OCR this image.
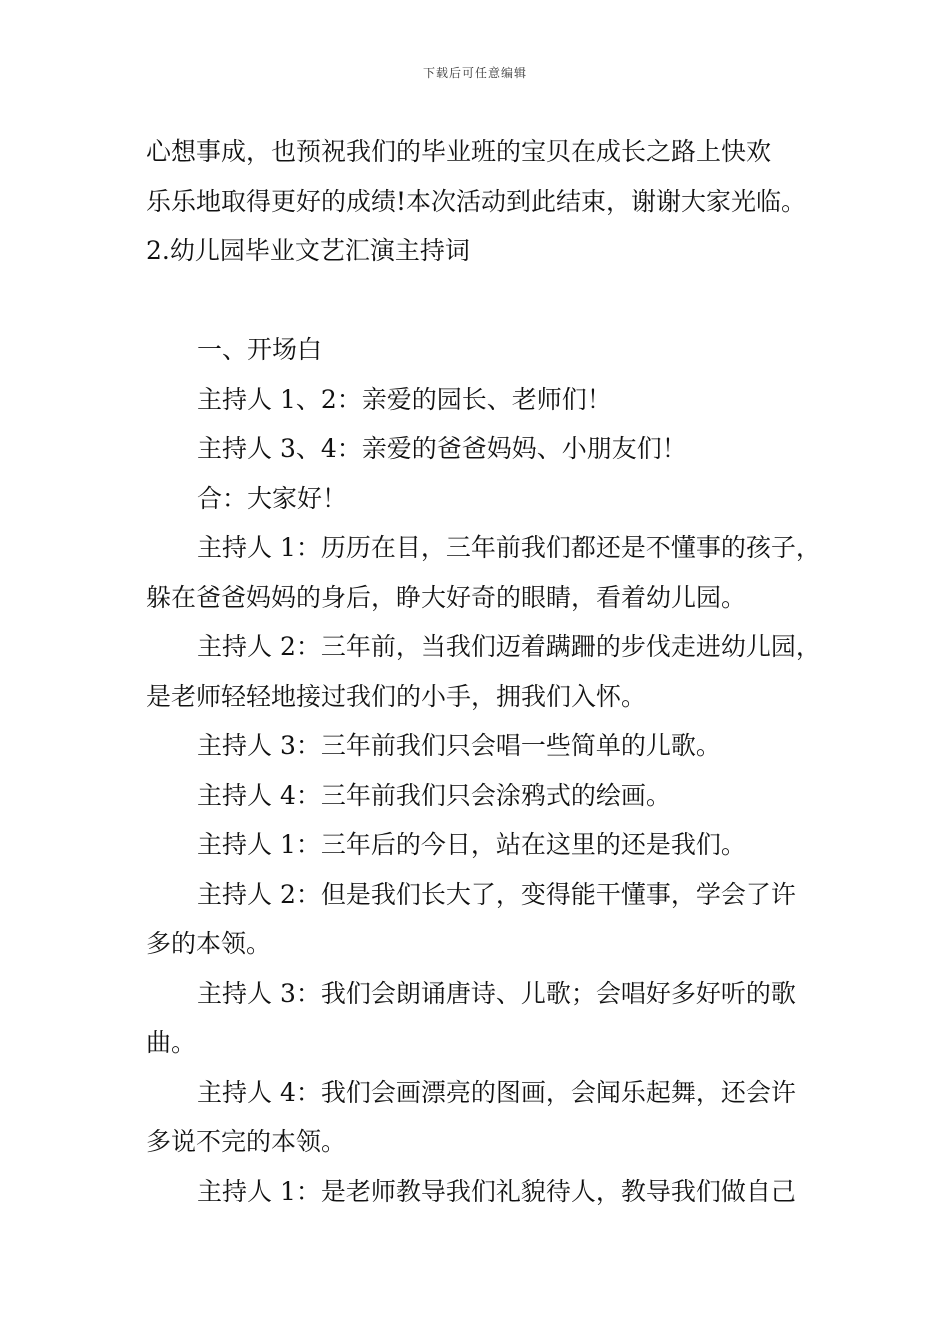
下载后可任意编辑
心想事成，也预祝我们的毕业班的宝贝在成长之路上快欢
乐乐地取得更好的成绩!本次活动到此结束，谢谢大家光临。
2.幼儿园毕业文艺汇演主持词
一、开场白
主持人 1、2：亲爱的园长、老师们！
主持人 3、4：亲爱的爸爸妈妈、小朋友们！
合：大家好！
主持人 1：历历在目，三年前我们都还是不懂事的孩子，
躲在爸爸妈妈的身后，睁大好奇的眼睛，看着幼儿园。
主持人 2：三年前，当我们迈着蹒跚的步伐走进幼儿园，
是老师轻轻地接过我们的小手，拥我们入怀。
主持人 3：三年前我们只会唱一些简单的儿歌。
主持人 4：三年前我们只会涂鸦式的绘画。
主持人 1：三年后的今日，站在这里的还是我们。
主持人 2：但是我们长大了，变得能干懂事，学会了许
多的本领。
主持人 3：我们会朗诵唐诗、儿歌；会唱好多好听的歌
曲。
主持人 4：我们会画漂亮的图画，会闻乐起舞，还会许
多说不完的本领。
主持人 1：是老师教导我们礼貌待人，教导我们做自己
